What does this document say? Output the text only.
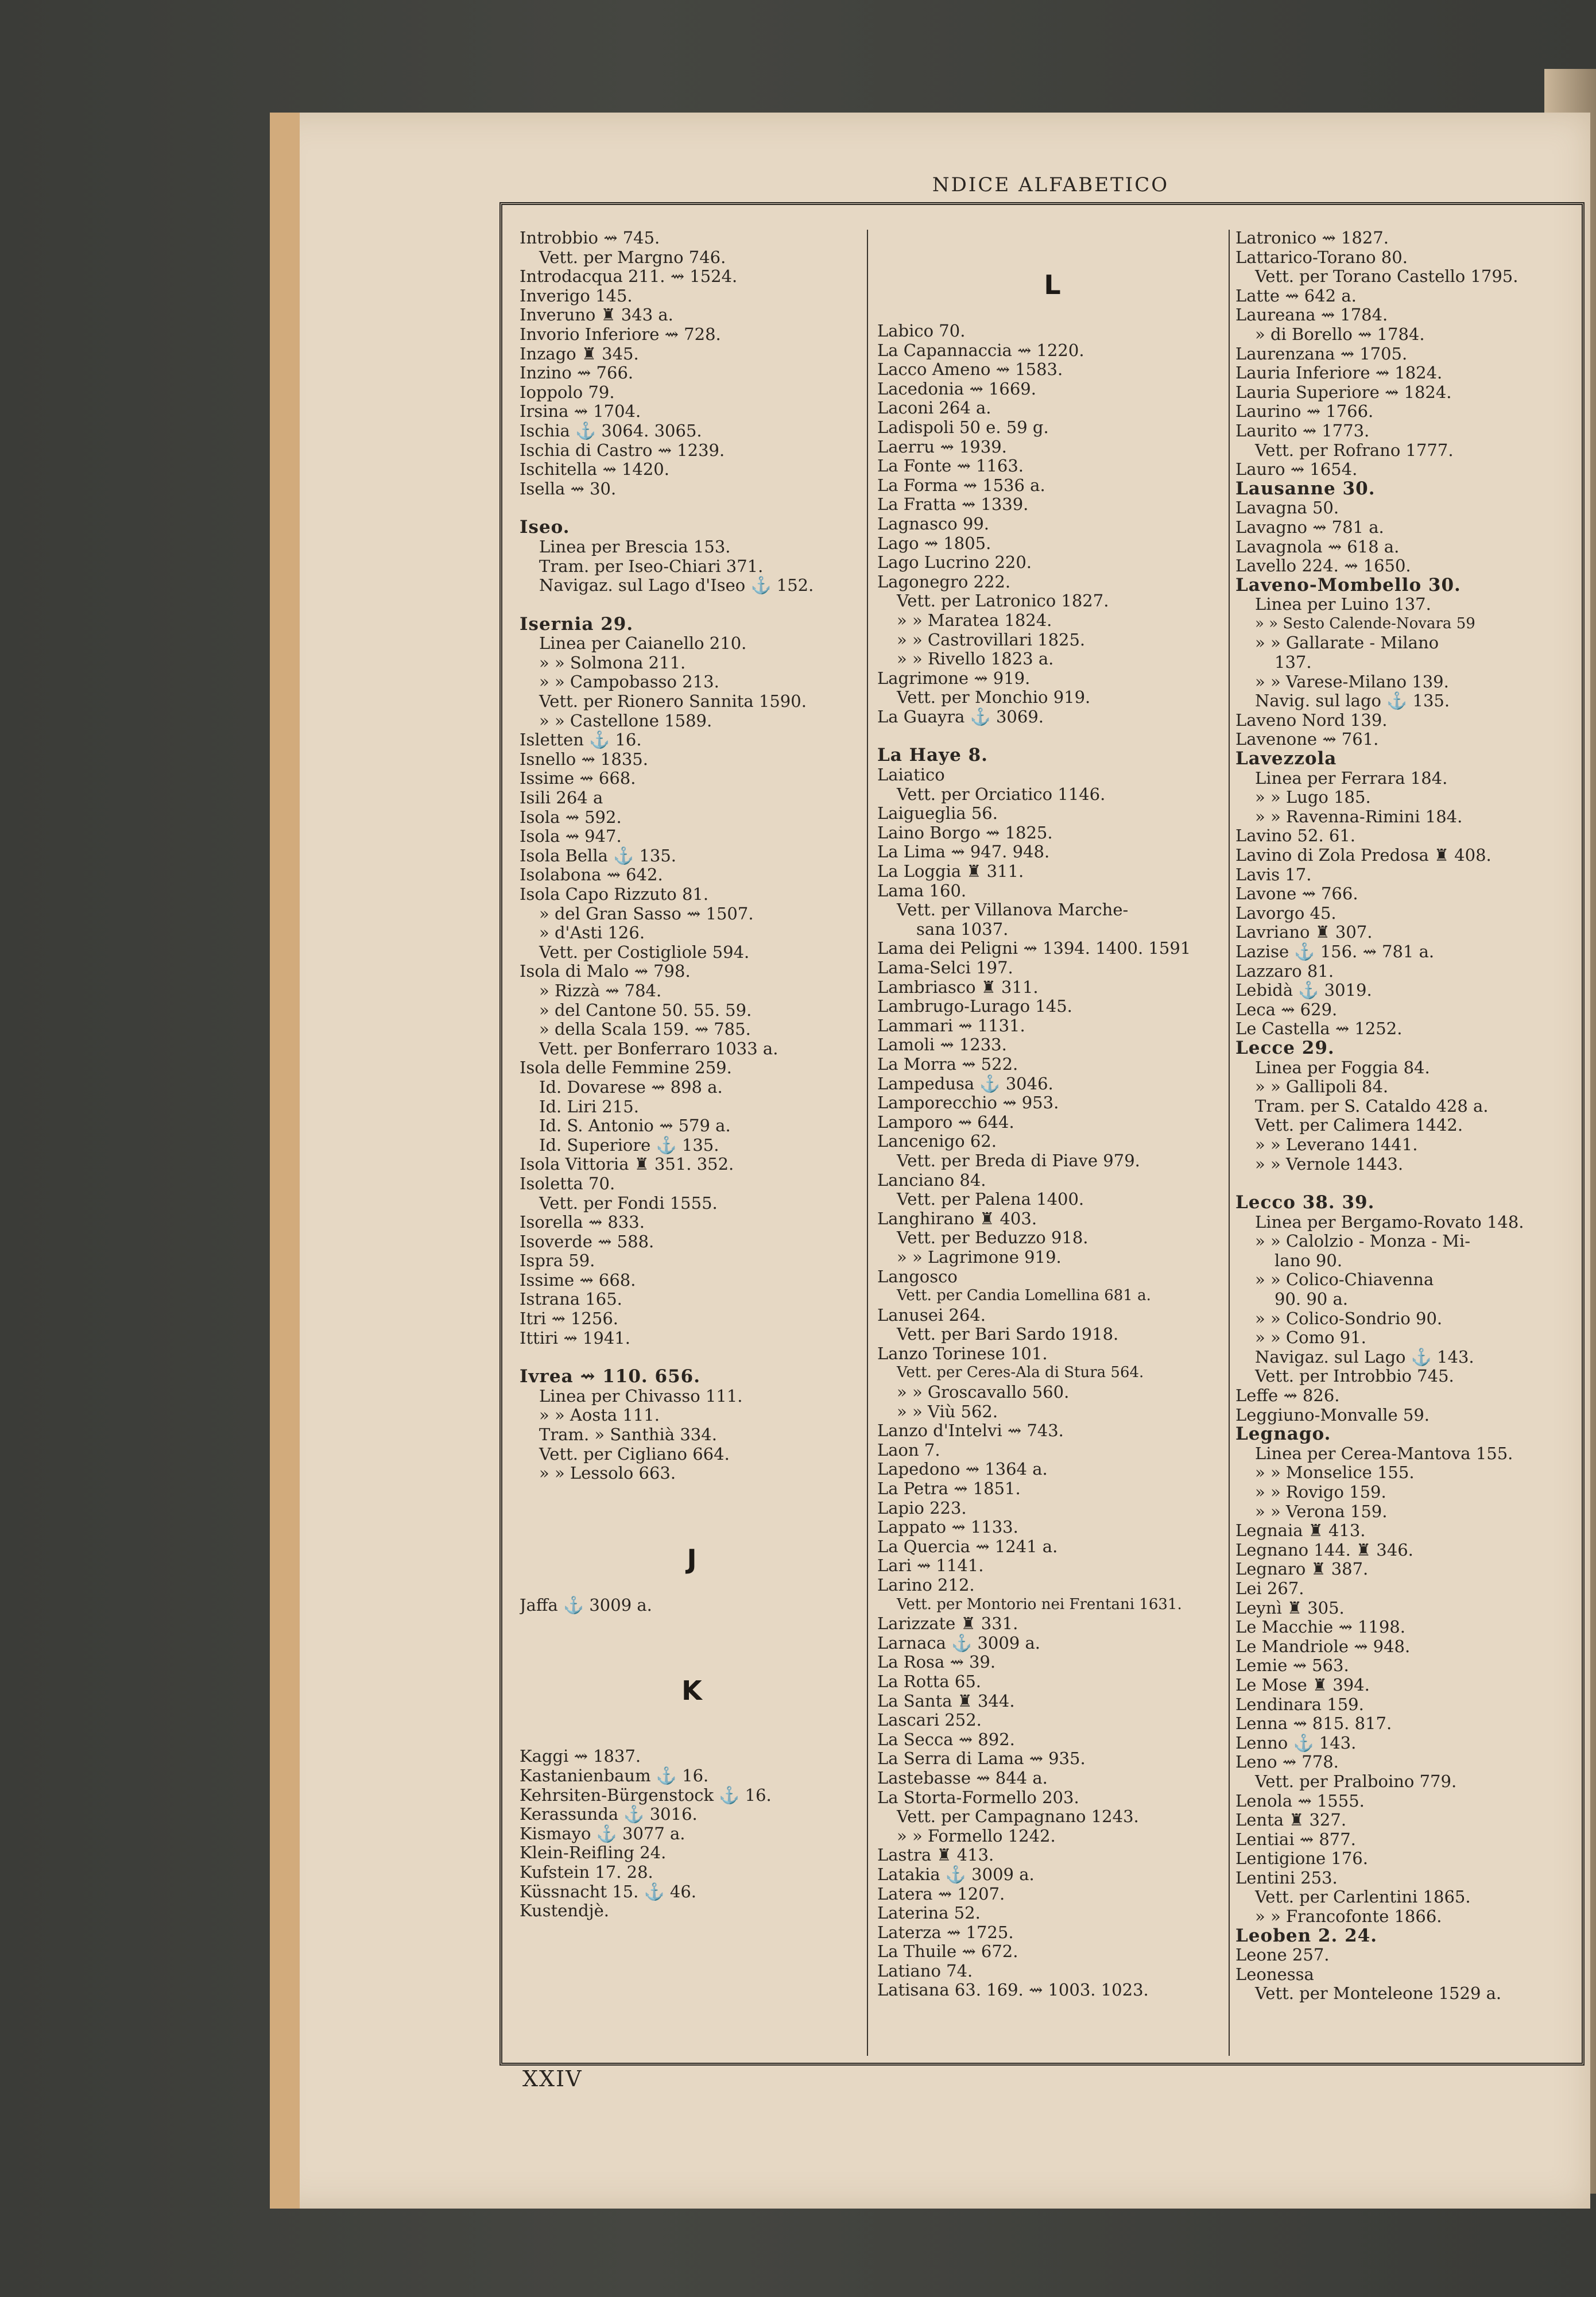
NDICE ALFABETICO
Introbbio ⇝ 745.
Vett. per Margno 746.
Introdacqua 211. ⇝ 1524.
Inverigo 145.
Inveruno ♜ 343 a.
Invorio Inferiore ⇝ 728.
Inzago ♜ 345.
Inzino ⇝ 766.
Ioppolo 79.
Irsina ⇝ 1704.
Ischia ⚓ 3064. 3065.
Ischia di Castro ⇝ 1239.
Ischitella ⇝ 1420.
Isella ⇝ 30.
Iseo.
Linea per Brescia 153.
Tram. per Iseo-Chiari 371.
Navigaz. sul Lago d'Iseo ⚓ 152.
Isernia 29.
Linea per Caianello 210.
» » Solmona 211.
» » Campobasso 213.
Vett. per Rionero Sannita 1590.
» » Castellone 1589.
Isletten ⚓ 16.
Isnello ⇝ 1835.
Issime ⇝ 668.
Isili 264 a
Isola ⇝ 592.
Isola ⇝ 947.
Isola Bella ⚓ 135.
Isolabona ⇝ 642.
Isola Capo Rizzuto 81.
» del Gran Sasso ⇝ 1507.
» d'Asti 126.
Vett. per Costigliole 594.
Isola di Malo ⇝ 798.
» Rizzà ⇝ 784.
» del Cantone 50. 55. 59.
» della Scala 159. ⇝ 785.
Vett. per Bonferraro 1033 a.
Isola delle Femmine 259.
Id. Dovarese ⇝ 898 a.
Id. Liri 215.
Id. S. Antonio ⇝ 579 a.
Id. Superiore ⚓ 135.
Isola Vittoria ♜ 351. 352.
Isoletta 70.
Vett. per Fondi 1555.
Isorella ⇝ 833.
Isoverde ⇝ 588.
Ispra 59.
Issime ⇝ 668.
Istrana 165.
Itri ⇝ 1256.
Ittiri ⇝ 1941.
Ivrea ⇝ 110. 656.
Linea per Chivasso 111.
» » Aosta 111.
Tram. » Santhià 334.
Vett. per Cigliano 664.
» » Lessolo 663.
J
Jaffa ⚓ 3009 a.
K
Kaggi ⇝ 1837.
Kastanienbaum ⚓ 16.
Kehrsiten-Bürgenstock ⚓ 16.
Kerassunda ⚓ 3016.
Kismayo ⚓ 3077 a.
Klein-Reifling 24.
Kufstein 17. 28.
Küssnacht 15. ⚓ 46.
Kustendjè.
L
Labico 70.
La Capannaccia ⇝ 1220.
Lacco Ameno ⇝ 1583.
Lacedonia ⇝ 1669.
Laconi 264 a.
Ladispoli 50 e. 59 g.
Laerru ⇝ 1939.
La Fonte ⇝ 1163.
La Forma ⇝ 1536 a.
La Fratta ⇝ 1339.
Lagnasco 99.
Lago ⇝ 1805.
Lago Lucrino 220.
Lagonegro 222.
Vett. per Latronico 1827.
» » Maratea 1824.
» » Castrovillari 1825.
» » Rivello 1823 a.
Lagrimone ⇝ 919.
Vett. per Monchio 919.
La Guayra ⚓ 3069.
La Haye 8.
Laiatico
Vett. per Orciatico 1146.
Laigueglia 56.
Laino Borgo ⇝ 1825.
La Lima ⇝ 947. 948.
La Loggia ♜ 311.
Lama 160.
Vett. per Villanova Marche-
sana 1037.
Lama dei Peligni ⇝ 1394. 1400. 1591
Lama-Selci 197.
Lambriasco ♜ 311.
Lambrugo-Lurago 145.
Lammari ⇝ 1131.
Lamoli ⇝ 1233.
La Morra ⇝ 522.
Lampedusa ⚓ 3046.
Lamporecchio ⇝ 953.
Lamporo ⇝ 644.
Lancenigo 62.
Vett. per Breda di Piave 979.
Lanciano 84.
Vett. per Palena 1400.
Langhirano ♜ 403.
Vett. per Beduzzo 918.
» » Lagrimone 919.
Langosco
Vett. per Candia Lomellina 681 a.
Lanusei 264.
Vett. per Bari Sardo 1918.
Lanzo Torinese 101.
Vett. per Ceres-Ala di Stura 564.
» » Groscavallo 560.
» » Viù 562.
Lanzo d'Intelvi ⇝ 743.
Laon 7.
Lapedono ⇝ 1364 a.
La Petra ⇝ 1851.
Lapio 223.
Lappato ⇝ 1133.
La Quercia ⇝ 1241 a.
Lari ⇝ 1141.
Larino 212.
Vett. per Montorio nei Frentani 1631.
Larizzate ♜ 331.
Larnaca ⚓ 3009 a.
La Rosa ⇝ 39.
La Rotta 65.
La Santa ♜ 344.
Lascari 252.
La Secca ⇝ 892.
La Serra di Lama ⇝ 935.
Lastebasse ⇝ 844 a.
La Storta-Formello 203.
Vett. per Campagnano 1243.
» » Formello 1242.
Lastra ♜ 413.
Latakia ⚓ 3009 a.
Latera ⇝ 1207.
Laterina 52.
Laterza ⇝ 1725.
La Thuile ⇝ 672.
Latiano 74.
Latisana 63. 169. ⇝ 1003. 1023.
Latronico ⇝ 1827.
Lattarico-Torano 80.
Vett. per Torano Castello 1795.
Latte ⇝ 642 a.
Laureana ⇝ 1784.
» di Borello ⇝ 1784.
Laurenzana ⇝ 1705.
Lauria Inferiore ⇝ 1824.
Lauria Superiore ⇝ 1824.
Laurino ⇝ 1766.
Laurito ⇝ 1773.
Vett. per Rofrano 1777.
Lauro ⇝ 1654.
Lausanne 30.
Lavagna 50.
Lavagno ⇝ 781 a.
Lavagnola ⇝ 618 a.
Lavello 224. ⇝ 1650.
Laveno-Mombello 30.
Linea per Luino 137.
» » Sesto Calende-Novara 59
» » Gallarate - Milano
137.
» » Varese-Milano 139.
Navig. sul lago ⚓ 135.
Laveno Nord 139.
Lavenone ⇝ 761.
Lavezzola
Linea per Ferrara 184.
» » Lugo 185.
» » Ravenna-Rimini 184.
Lavino 52. 61.
Lavino di Zola Predosa ♜ 408.
Lavis 17.
Lavone ⇝ 766.
Lavorgo 45.
Lavriano ♜ 307.
Lazise ⚓ 156. ⇝ 781 a.
Lazzaro 81.
Lebidà ⚓ 3019.
Leca ⇝ 629.
Le Castella ⇝ 1252.
Lecce 29.
Linea per Foggia 84.
» » Gallipoli 84.
Tram. per S. Cataldo 428 a.
Vett. per Calimera 1442.
» » Leverano 1441.
» » Vernole 1443.
Lecco 38. 39.
Linea per Bergamo-Rovato 148.
» » Calolzio - Monza - Mi-
lano 90.
» » Colico-Chiavenna
90. 90 a.
» » Colico-Sondrio 90.
» » Como 91.
Navigaz. sul Lago ⚓ 143.
Vett. per Introbbio 745.
Leffe ⇝ 826.
Leggiuno-Monvalle 59.
Legnago.
Linea per Cerea-Mantova 155.
» » Monselice 155.
» » Rovigo 159.
» » Verona 159.
Legnaia ♜ 413.
Legnano 144. ♜ 346.
Legnaro ♜ 387.
Lei 267.
Leynì ♜ 305.
Le Macchie ⇝ 1198.
Le Mandriole ⇝ 948.
Lemie ⇝ 563.
Le Mose ♜ 394.
Lendinara 159.
Lenna ⇝ 815. 817.
Lenno ⚓ 143.
Leno ⇝ 778.
Vett. per Pralboino 779.
Lenola ⇝ 1555.
Lenta ♜ 327.
Lentiai ⇝ 877.
Lentigione 176.
Lentini 253.
Vett. per Carlentini 1865.
» » Francofonte 1866.
Leoben 2. 24.
Leone 257.
Leonessa
Vett. per Monteleone 1529 a.
XXIV
